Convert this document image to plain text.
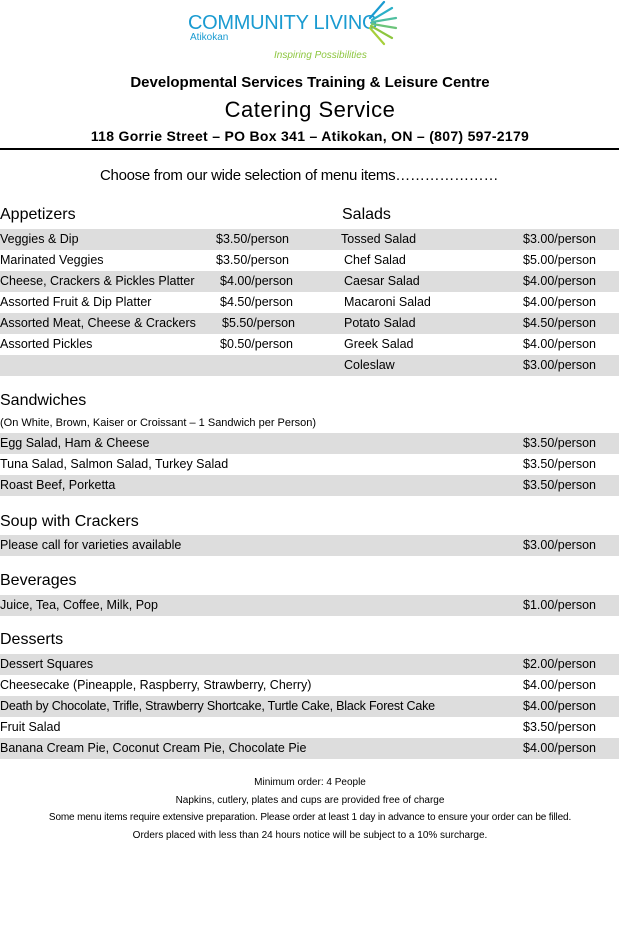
COMMUNITY LIVING
Atikokan
Inspiring Possibilities
Developmental Services Training & Leisure Centre
Catering Service
118 Gorrie Street – PO Box 341 – Atikokan, ON – (807) 597-2179
Choose from our wide selection of menu items…………………
Appetizers	Salads
Veggies & Dip	$3.50/person
Marinated Veggies	$3.50/person
Cheese, Crackers & Pickles Platter $4.00/person
Assorted Fruit & Dip Platter	$4.50/person
Assorted Meat, Cheese & Crackers $5.50/person
Assorted Pickles	$0.50/person
Tossed Salad	$3.00/person
Chef Salad	$5.00/person
Caesar Salad	$4.00/person
Macaroni Salad	$4.00/person
Potato Salad	$4.50/person
Greek Salad	$4.00/person
Coleslaw	$3.00/person
Sandwiches
(On White, Brown, Kaiser or Croissant – 1 Sandwich per Person)
Egg Salad, Ham & Cheese	$3.50/person
Tuna Salad, Salmon Salad, Turkey Salad	$3.50/person
Roast Beef, Porketta	$3.50/person
Soup with Crackers
Please call for varieties available	$3.00/person
Beverages
Juice, Tea, Coffee, Milk, Pop	$1.00/person
Desserts
Dessert Squares	$2.00/person
Cheesecake (Pineapple, Raspberry, Strawberry, Cherry)	$4.00/person
Death by Chocolate, Trifle, Strawberry Shortcake, Turtle Cake, Black Forest Cake	$4.00/person
Fruit Salad	$3.50/person
Banana Cream Pie, Coconut Cream Pie, Chocolate Pie	$4.00/person
Minimum order: 4 People
Napkins, cutlery, plates and cups are provided free of charge
Some menu items require extensive preparation. Please order at least 1 day in advance to ensure your order can be filled.
Orders placed with less than 24 hours notice will be subject to a 10% surcharge.
